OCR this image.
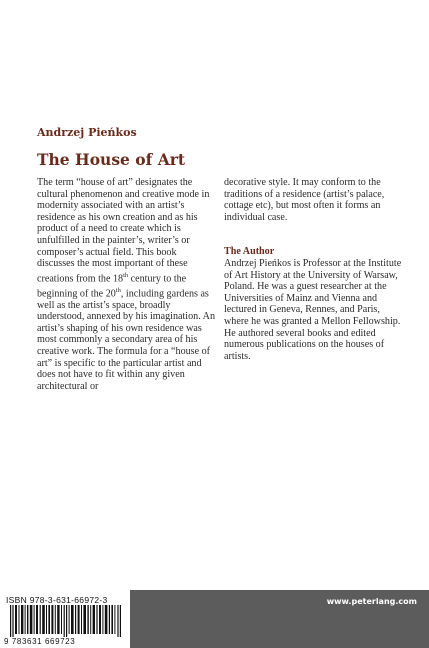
Andrzej Pieńkos
The House of Art

The term “house of art” designates the cultural phenomenon and creative mode in modernity associated with an artist’s residence as his own creation and as his product of a need to create which is unfulfilled in the painter’s, writer’s or composer’s actual field. This book discusses the most important of these creations from the 18th century to the beginning of the 20th, including gardens as well as the artist’s space, broadly understood, annexed by his imagination. An artist’s shaping of his own residence was most commonly a secondary area of his creative work. The formula for a “house of art” is specific to the particular artist and does not have to fit within any given architectural or

decorative style. It may conform to the traditions of a residence (artist’s palace, cottage etc), but most often it forms an individual case.

The Author

Andrzej Pieńkos is Professor at the Institute of Art History at the University of Warsaw, Poland. He was a guest researcher at the Universities of Mainz and Vienna and lectured in Geneva, Rennes, and Paris, where he was granted a Mellon Fellowship. He authored several books and edited numerous publications on the houses of artists.

ISBN 978-3-631-66972-3
9 783631 669723
www.peterlang.com
